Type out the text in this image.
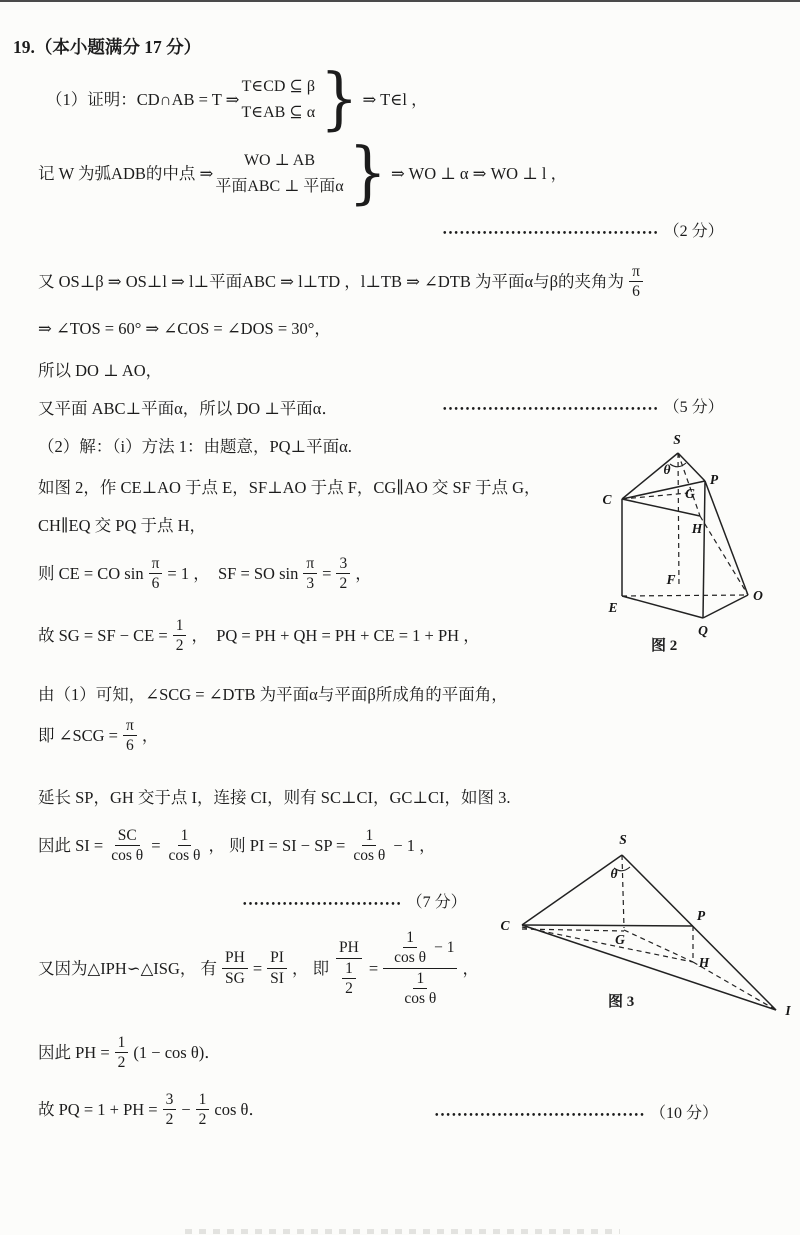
19.（本小题满分 17 分）
（1）证明：CD∩AB = T ⇒
T∈CD ⊆ β
T∈AB ⊆ α } ⇒ T∈l ，
记 W 为弧ADB的中点 ⇒
WO ⊥ AB
平面ABC ⊥ 平面α } ⇒ WO ⊥ α ⇒ WO ⊥ l ，
•••••••••••••••••••••••••••••••••••••• （2 分）
又 OS⊥β ⇒ OS⊥l ⇒ l⊥平面ABC ⇒ l⊥TD ，l⊥TB ⇒ ∠DTB 为平面α与β的夹角为 $\frac{\pi}{6}$
⇒ ∠TOS = 60° ⇒ ∠COS = ∠DOS = 30°，
所以 DO ⊥ AO，
又平面 ABC⊥平面α，所以 DO ⊥平面α．	•••••••••••••••••••••••••••••••••••••• （5 分）
（2）解：（i）方法 1：由题意，PQ⊥平面α.
如图 2，作 CE⊥AO 于点 E，SF⊥AO 于点 F，CG∥AO 交 SF 于点 G，
CH∥EQ 交 PQ 于点 H，
则 CE = CO $\sin \frac{\pi}{6} = 1$ ，  SF = SO $\sin \frac{\pi}{3} = \frac{3}{2}$ ，
故 SG = SF − CE = $\frac{1}{2}$ ，  PQ = PH + QH = PH + CE = 1 + PH ，
由（1）可知，∠SCG = ∠DTB 为平面α与平面β所成角的平面角，
即 ∠SCG = $\frac{\pi}{6}$ ，
延长 SP，GH 交于点 I，连接 CI，则有 SC⊥CI，GC⊥CI，如图 3.
因此 SI = $\frac{SC}{\text{cos θ}} = \frac{1}{\text{cos θ}}$ ， 则 PI = SI − SP = $\frac{1}{\text{cos θ}} - 1$ ，
•••••••••••••••••••••••••••• （7 分）
又因为△IPH∽△ISG， 有 $\frac{PH}{SG} = \frac{PI}{SI}$ ， 即 $\frac{PH}{\frac{1}{2}} = \frac{\frac{1}{\text{cos θ}} - 1}{\frac{1}{\text{cos θ}}}$ ，
因此 PH = $\frac{1}{2} (1 - \cos \theta)$．
故 PQ = 1 + PH = $\frac{3}{2} - \frac{1}{2}$ cos θ．	••••••••••••••••••••••••••••••••••••• （10 分）
S
θ
P
C	G
H
F
E
O
Q
图 2
S
θ
C
P
G
H
I
图 3
